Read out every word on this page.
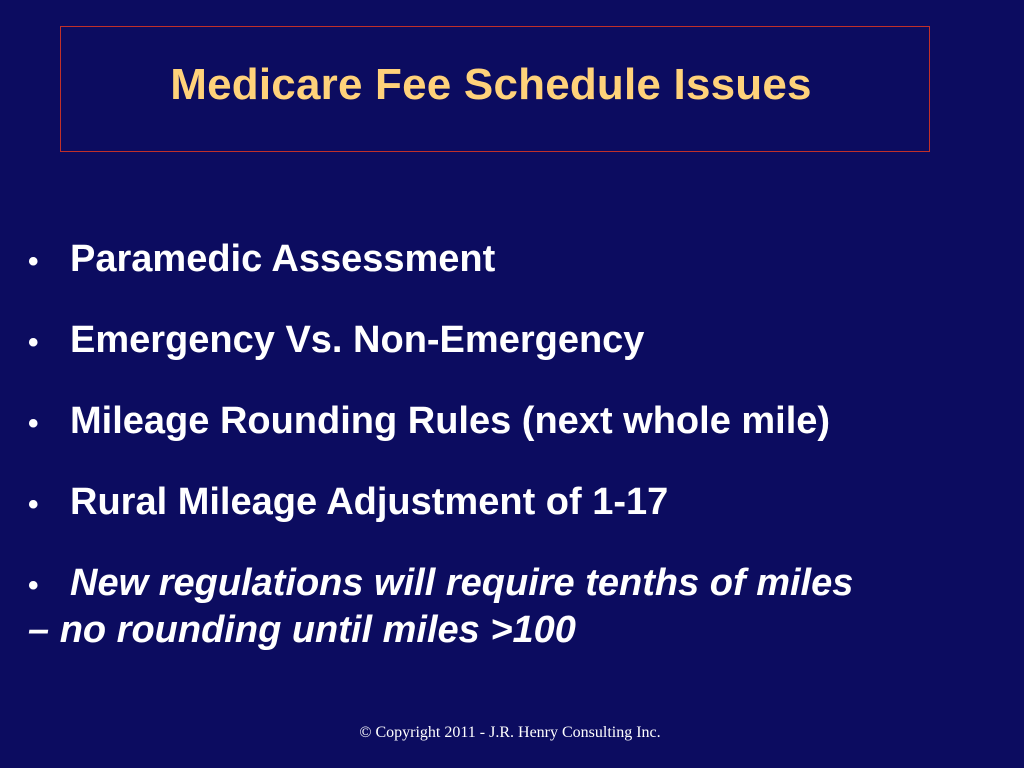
Medicare Fee Schedule Issues
• Paramedic Assessment
• Emergency Vs. Non-Emergency
• Mileage Rounding Rules (next whole mile)
• Rural Mileage Adjustment of 1-17
• New regulations will require tenths of miles
– no rounding until miles >100
© Copyright 2011 - J.R. Henry Consulting Inc.
